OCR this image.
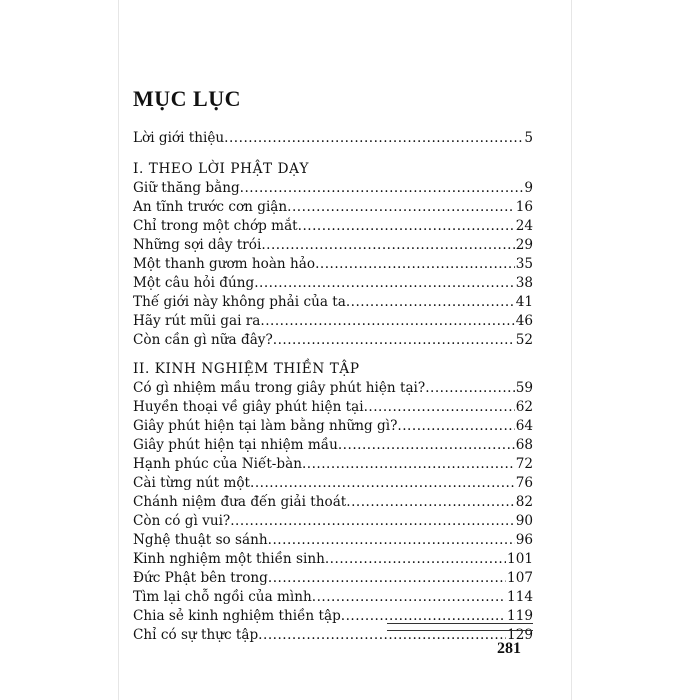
MỤC LỤC
Lời giới thiệu .....	5
I. THEO LỜI PHẬT DẠY
Giữ thăng bằng .....	9
An tĩnh trước cơn giận .....	16
Chỉ trong một chớp mắt .....	24
Những sợi dây trói .....	29
Một thanh gươm hoàn hảo .....	35
Một câu hỏi đúng .....	38
Thế giới này không phải của ta .....	41
Hãy rút mũi gai ra .....	46
Còn cần gì nữa đây? .....	52
II. KINH NGHIỆM THIỀN TẬP
Có gì nhiệm mầu trong giây phút hiện tại? .....	59
Huyền thoại về giây phút hiện tại .....	62
Giây phút hiện tại làm bằng những gì? .....	64
Giây phút hiện tại nhiệm mầu .....	68
Hạnh phúc của Niết-bàn .....	72
Cài từng nút một .....	76
Chánh niệm đưa đến giải thoát .....	82
Còn có gì vui? .....	90
Nghệ thuật so sánh .....	96
Kinh nghiệm một thiền sinh .....	101
Đức Phật bên trong .....	107
Tìm lại chỗ ngồi của mình .....	114
Chia sẻ kinh nghiệm thiền tập .....	119
Chỉ có sự thực tập .....	129
281
